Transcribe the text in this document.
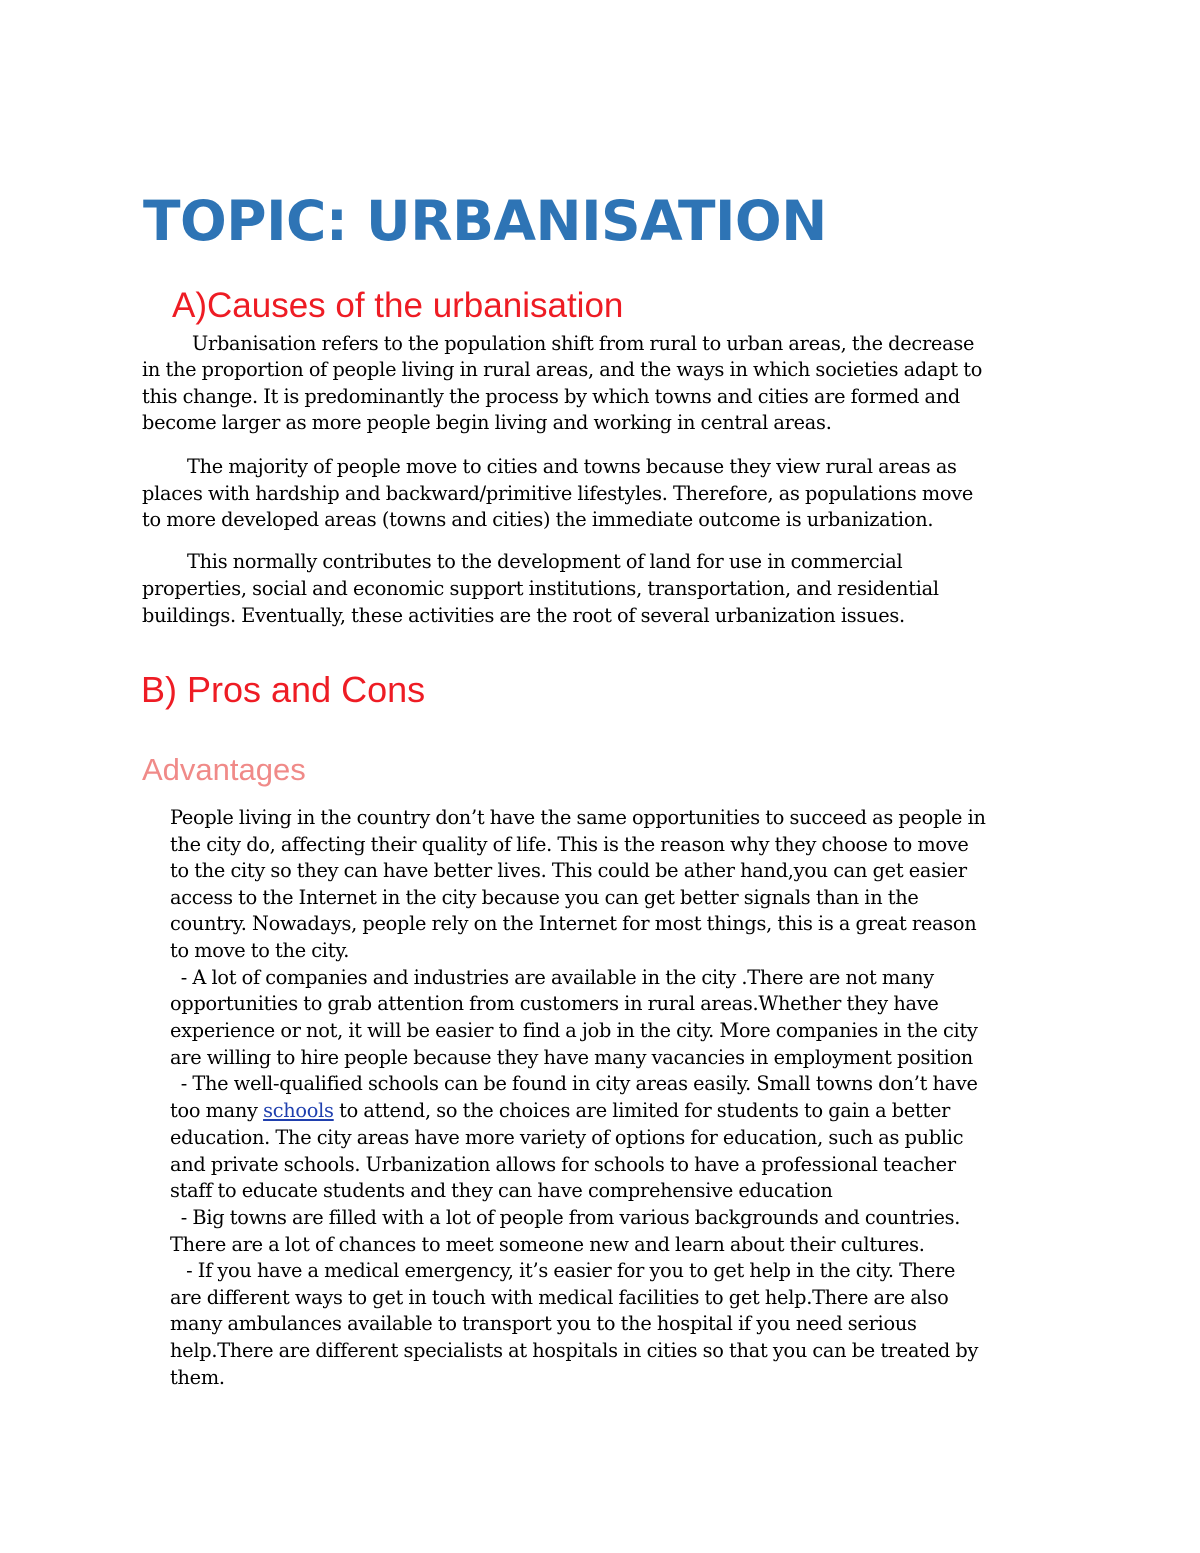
TOPIC: URBANISATION
A)Causes of the urbanisation

Urbanisation refers to the population shift from rural to urban areas, the decrease

in the proportion of people living in rural areas, and the ways in which societies adapt to

this change. It is predominantly the process by which towns and cities are formed and

become larger as more people begin living and working in central areas.

The majority of people move to cities and towns because they view rural areas as

places with hardship and backward/primitive lifestyles. Therefore, as populations move

to more developed areas (towns and cities) the immediate outcome is urbanization.

This normally contributes to the development of land for use in commercial

properties, social and economic support institutions, transportation, and residential

buildings. Eventually, these activities are the root of several urbanization issues.

B) Pros and Cons
Advantages

People living in the country don’t have the same opportunities to succeed as people in

the city do, affecting their quality of life. This is the reason why they choose to move

to the city so they can have better lives. This could be ather hand,you can get easier

access to the Internet in the city because you can get better signals than in the

country. Nowadays, people rely on the Internet for most things, this is a great reason

to move to the city.

- A lot of companies and industries are available in the city .There are not many

opportunities to grab attention from customers in rural areas.Whether they have

experience or not, it will be easier to find a job in the city. More companies in the city

are willing to hire people because they have many vacancies in employment position

- The well-qualified schools can be found in city areas easily. Small towns don’t have

too many schools to attend, so the choices are limited for students to gain a better

education. The city areas have more variety of options for education, such as public

and private schools. Urbanization allows for schools to have a professional teacher

staff to educate students and they can have comprehensive education

- Big towns are filled with a lot of people from various backgrounds and countries.

There are a lot of chances to meet someone new and learn about their cultures.

- If you have a medical emergency, it’s easier for you to get help in the city. There

are different ways to get in touch with medical facilities to get help.There are also

many ambulances available to transport you to the hospital if you need serious

help.There are different specialists at hospitals in cities so that you can be treated by

them.
